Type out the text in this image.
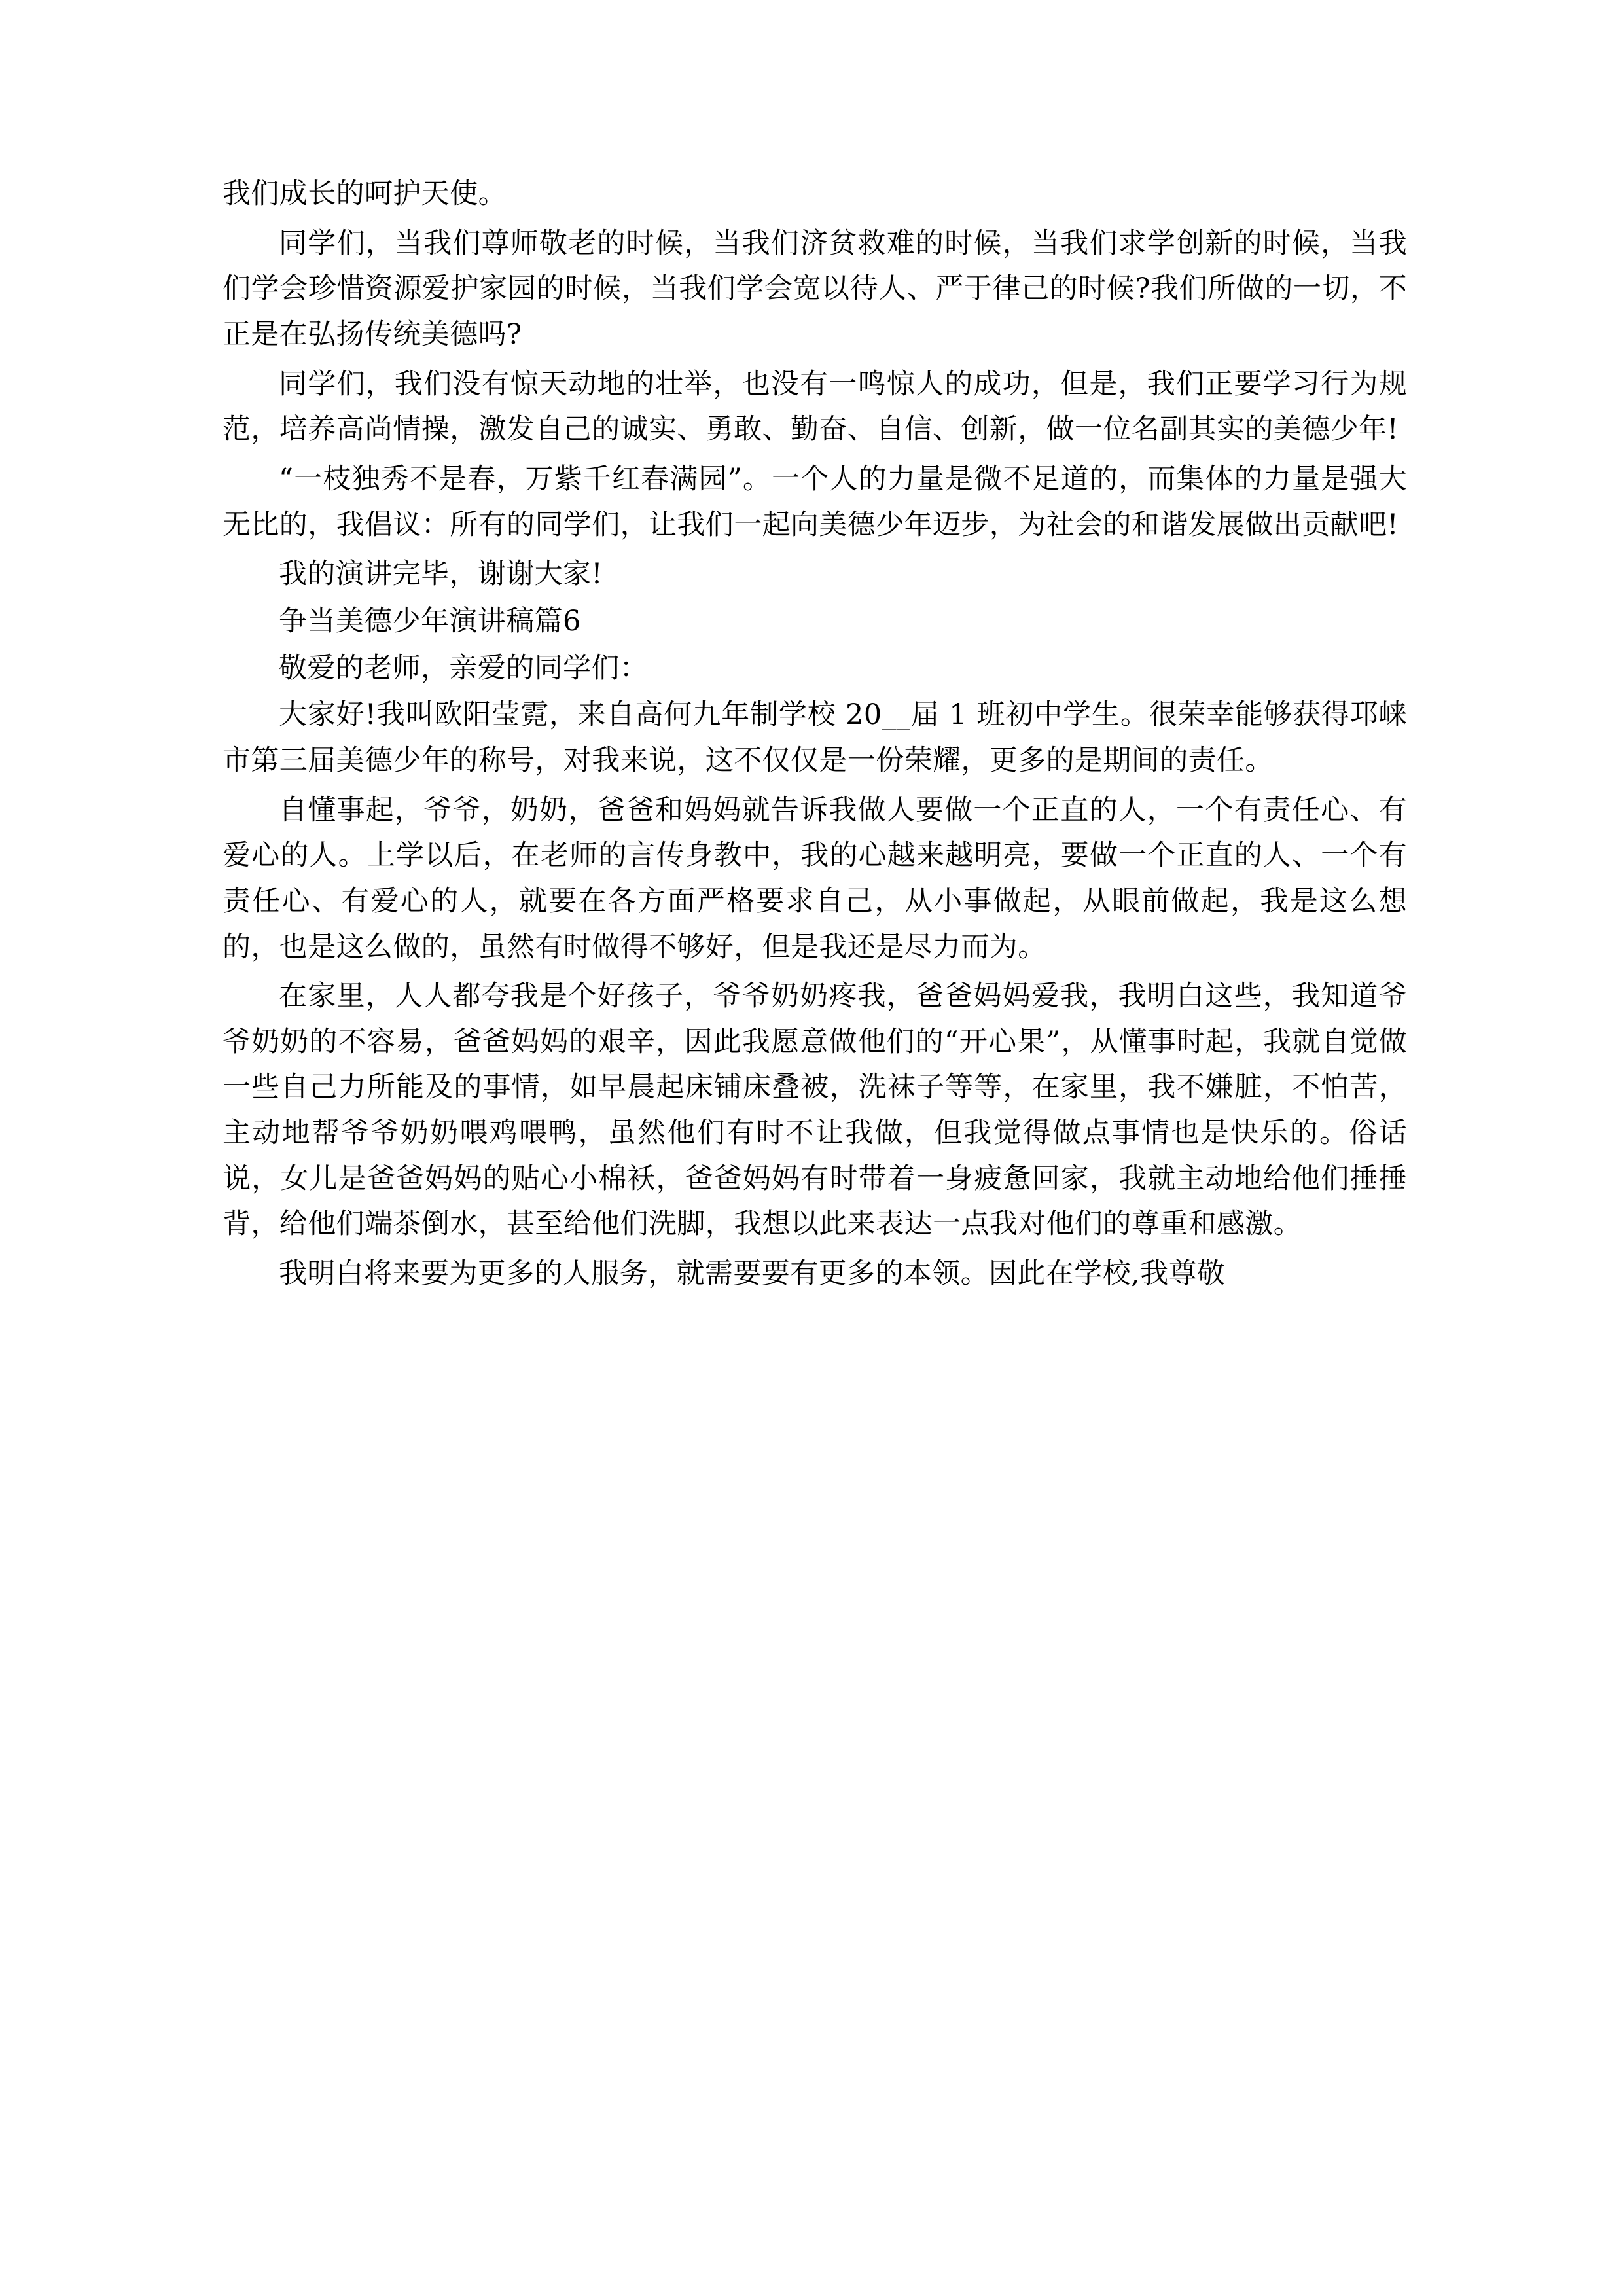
我们成长的呵护天使。

同学们，当我们尊师敬老的时候，当我们济贫救难的时候，当我们求学创新的时候，当我们学会珍惜资源爱护家园的时候，当我们学会宽以待人、严于律己的时候?我们所做的一切，不正是在弘扬传统美德吗?

同学们，我们没有惊天动地的壮举，也没有一鸣惊人的成功，但是，我们正要学习行为规范，培养高尚情操，激发自己的诚实、勇敢、勤奋、自信、创新，做一位名副其实的美德少年!

“一枝独秀不是春，万紫千红春满园”。一个人的力量是微不足道的，而集体的力量是强大无比的，我倡议：所有的同学们，让我们一起向美德少年迈步，为社会的和谐发展做出贡献吧!

我的演讲完毕，谢谢大家!

争当美德少年演讲稿篇6

敬爱的老师，亲爱的同学们：

大家好!我叫欧阳莹霓，来自高何九年制学校 20__届 1 班初中学生。很荣幸能够获得邛崃市第三届美德少年的称号，对我来说，这不仅仅是一份荣耀，更多的是期间的责任。

自懂事起，爷爷，奶奶，爸爸和妈妈就告诉我做人要做一个正直的人，一个有责任心、有爱心的人。上学以后，在老师的言传身教中，我的心越来越明亮，要做一个正直的人、一个有责任心、有爱心的人，就要在各方面严格要求自己，从小事做起，从眼前做起，我是这么想的，也是这么做的，虽然有时做得不够好，但是我还是尽力而为。

在家里，人人都夸我是个好孩子，爷爷奶奶疼我，爸爸妈妈爱我，我明白这些，我知道爷爷奶奶的不容易，爸爸妈妈的艰辛，因此我愿意做他们的“开心果”，从懂事时起，我就自觉做一些自己力所能及的事情，如早晨起床铺床叠被，洗袜子等等，在家里，我不嫌脏，不怕苦，主动地帮爷爷奶奶喂鸡喂鸭，虽然他们有时不让我做，但我觉得做点事情也是快乐的。俗话说，女儿是爸爸妈妈的贴心小棉袄，爸爸妈妈有时带着一身疲惫回家，我就主动地给他们捶捶背，给他们端茶倒水，甚至给他们洗脚，我想以此来表达一点我对他们的尊重和感激。

我明白将来要为更多的人服务，就需要要有更多的本领。因此在学校,我尊敬
